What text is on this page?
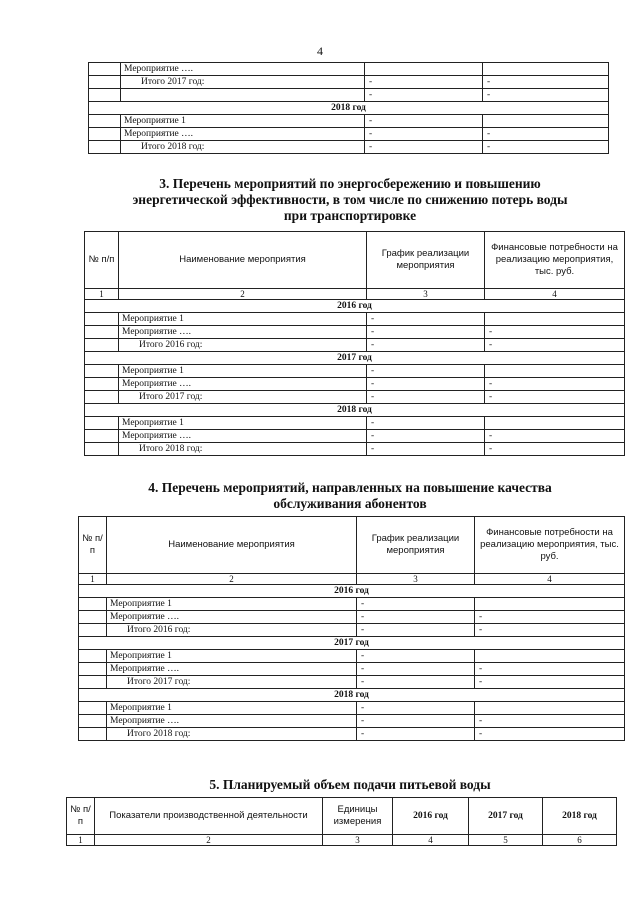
4
	Мероприятие ….		
	Итого 2017 год:	-	-
		-	-
2018 год			
	Мероприятие 1	-	
	Мероприятие ….	-	-
	Итого 2018 год:	-	-
3. Перечень мероприятий по энергосбережению и повышению
энергетической эффективности, в том числе по снижению потерь воды
при транспортировке
№ п/п	Наименование мероприятия	График реализации мероприятия	Финансовые потребности на реализацию мероприятия, тыс. руб.
1	2	3	4
2016 год			
	Мероприятие 1	-	
	Мероприятие ….	-	-
	Итого 2016 год:	-	-
2017 год			
	Мероприятие 1	-	
	Мероприятие ….	-	-
	Итого 2017 год:	-	-
2018 год			
	Мероприятие 1	-	
	Мероприятие ….	-	-
	Итого 2018 год:	-	-
4. Перечень мероприятий, направленных на повышение качества
обслуживания абонентов
№ п/п	Наименование мероприятия	График реализации мероприятия	Финансовые потребности на реализацию мероприятия, тыс. руб.
1	2	3	4
2016 год			
	Мероприятие 1	-	
	Мероприятие ….	-	-
	Итого 2016 год:	-	-
2017 год			
	Мероприятие 1	-	
	Мероприятие ….	-	-
	Итого 2017 год:	-	-
2018 год			
	Мероприятие 1	-	
	Мероприятие ….	-	-
	Итого 2018 год:	-	-
5. Планируемый объем подачи питьевой воды
№ п/п	Показатели производственной деятельности	Единицы измерения	2016 год	2017 год	2018 год
1	2	3	4	5	6
